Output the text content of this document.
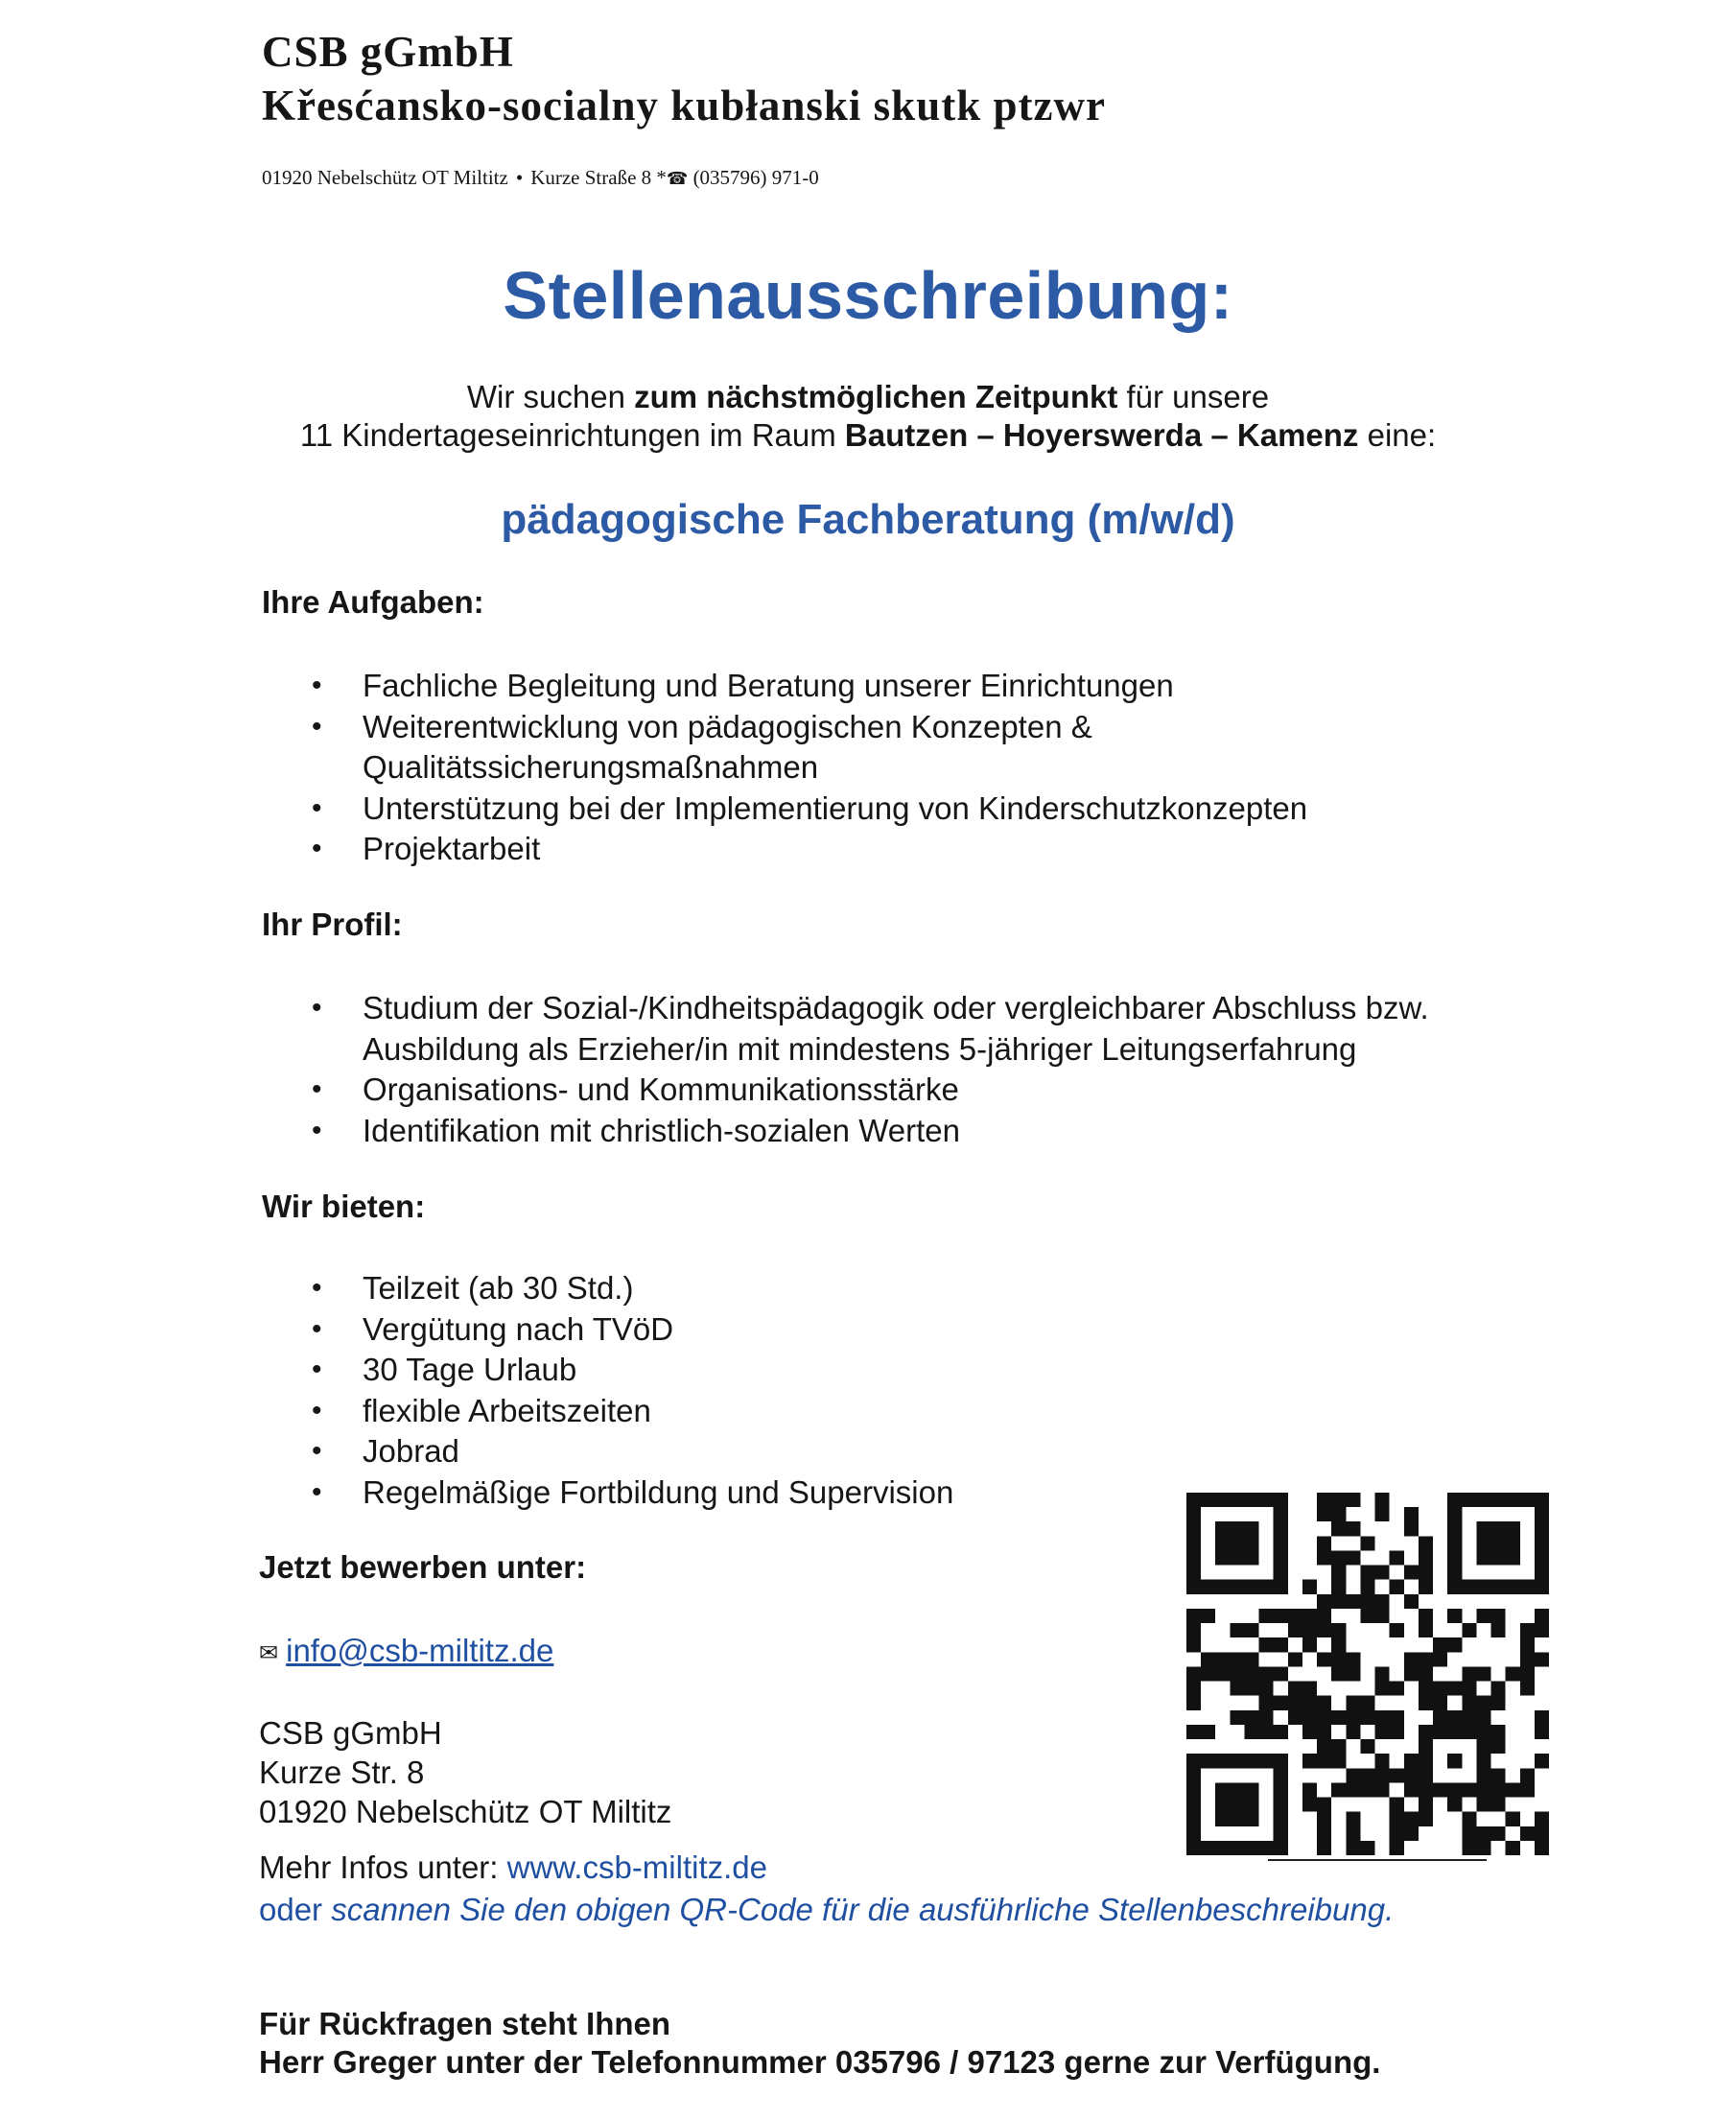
CSB gGmbH
Křesćansko-socialny kubłanski skutk ptzwr
01920 Nebelschütz OT Miltitz • Kurze Straße 8 *☎ (035796) 971-0
Stellenausschreibung:
Wir suchen zum nächstmöglichen Zeitpunkt für unsere
11 Kindertageseinrichtungen im Raum Bautzen – Hoyerswerda – Kamenz eine:
pädagogische Fachberatung (m/w/d)
Ihre Aufgaben:
• Fachliche Begleitung und Beratung unserer Einrichtungen
• Weiterentwicklung von pädagogischen Konzepten &
Qualitätssicherungsmaßnahmen
• Unterstützung bei der Implementierung von Kinderschutzkonzepten
• Projektarbeit
Ihr Profil:
• Studium der Sozial-/Kindheitspädagogik oder vergleichbarer Abschluss bzw.
Ausbildung als Erzieher/in mit mindestens 5-jähriger Leitungserfahrung
• Organisations- und Kommunikationsstärke
• Identifikation mit christlich-sozialen Werten
Wir bieten:
• Teilzeit (ab 30 Std.)
• Vergütung nach TVöD
• 30 Tage Urlaub
• flexible Arbeitszeiten
• Jobrad
• Regelmäßige Fortbildung und Supervision
Jetzt bewerben unter:
✉ info@csb-miltitz.de
CSB gGmbH
Kurze Str. 8
01920 Nebelschütz OT Miltitz
Mehr Infos unter: www.csb-miltitz.de
oder scannen Sie den obigen QR-Code für die ausführliche Stellenbeschreibung.
Für Rückfragen steht Ihnen
Herr Greger unter der Telefonnummer 035796 / 97123 gerne zur Verfügung.
